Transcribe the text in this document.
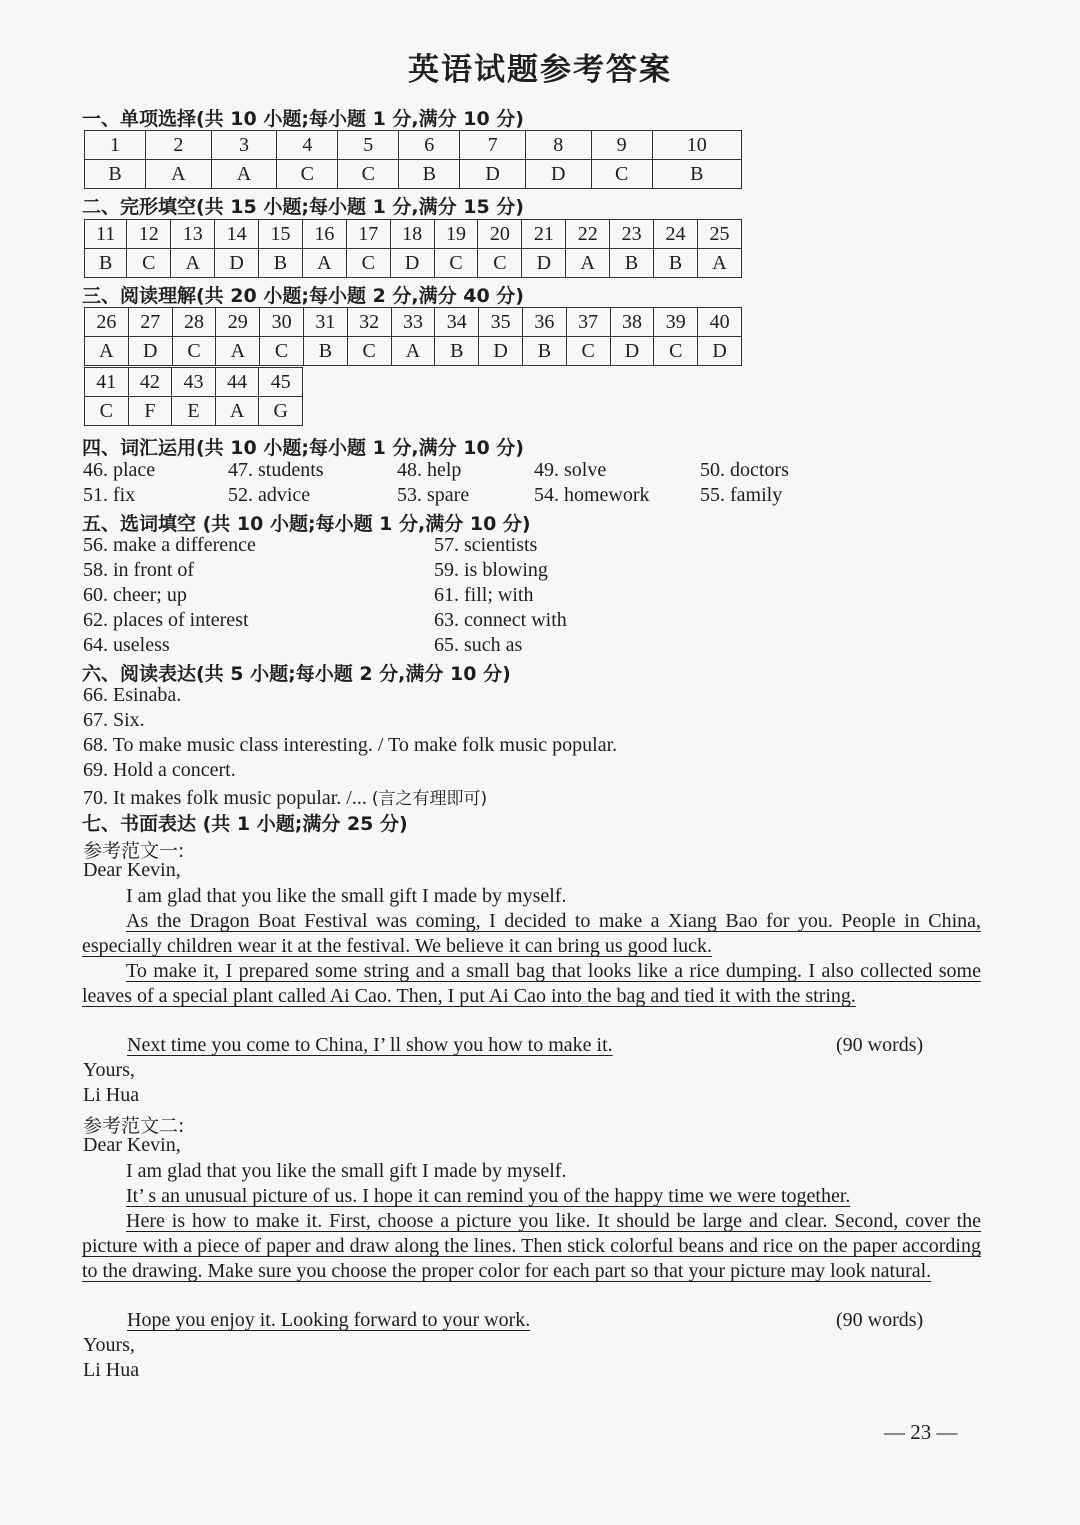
英语试题参考答案
一、单项选择(共 10 小题;每小题 1 分,满分 10 分)
1	2	3	4	5	6	7	8	9	10
B	A	A	C	C	B	D	D	C	B
二、完形填空(共 15 小题;每小题 1 分,满分 15 分)
11	12	13	14	15	16	17	18	19	20	21	22	23	24	25
B	C	A	D	B	A	C	D	C	C	D	A	B	B	A
三、阅读理解(共 20 小题;每小题 2 分,满分 40 分)
26	27	28	29	30	31	32	33	34	35	36	37	38	39	40
A	D	C	A	C	B	C	A	B	D	B	C	D	C	D
41	42	43	44	45
C	F	E	A	G
四、词汇运用(共 10 小题;每小题 1 分,满分 10 分)
46. place	47. students	48. help	49. solve	50. doctors
51. fix	52. advice	53. spare	54. homework	55. family
五、选词填空 (共 10 小题;每小题 1 分,满分 10 分)
56. make a difference	57. scientists
58. in front of	59. is blowing
60. cheer; up	61. fill; with
62. places of interest	63. connect with
64. useless	65. such as
六、阅读表达(共 5 小题;每小题 2 分,满分 10 分)
66. Esinaba.
67. Six.
68. To make music class interesting. / To make folk music popular.
69. Hold a concert.
70. It makes folk music popular. /... (言之有理即可)
七、书面表达 (共 1 小题;满分 25 分)
参考范文一:
Dear Kevin,

I am glad that you like the small gift I made by myself.

As the Dragon Boat Festival was coming, I decided to make a Xiang Bao for you. People in China, especially children wear it at the festival. We believe it can bring us good luck.

To make it, I prepared some string and a small bag that looks like a rice dumping. I also collected some leaves of a special plant called Ai Cao. Then, I put Ai Cao into the bag and tied it with the string.

Next time you come to China, I’ ll show you how to make it.	(90 words)
Yours,
Li Hua
参考范文二:
Dear Kevin,

I am glad that you like the small gift I made by myself.

It’ s an unusual picture of us. I hope it can remind you of the happy time we were together.

Here is how to make it. First, choose a picture you like. It should be large and clear. Second, cover the picture with a piece of paper and draw along the lines. Then stick colorful beans and rice on the paper according to the drawing. Make sure you choose the proper color for each part so that your picture may look natural.

Hope you enjoy it. Looking forward to your work.	(90 words)
Yours,
Li Hua
— 23 —
